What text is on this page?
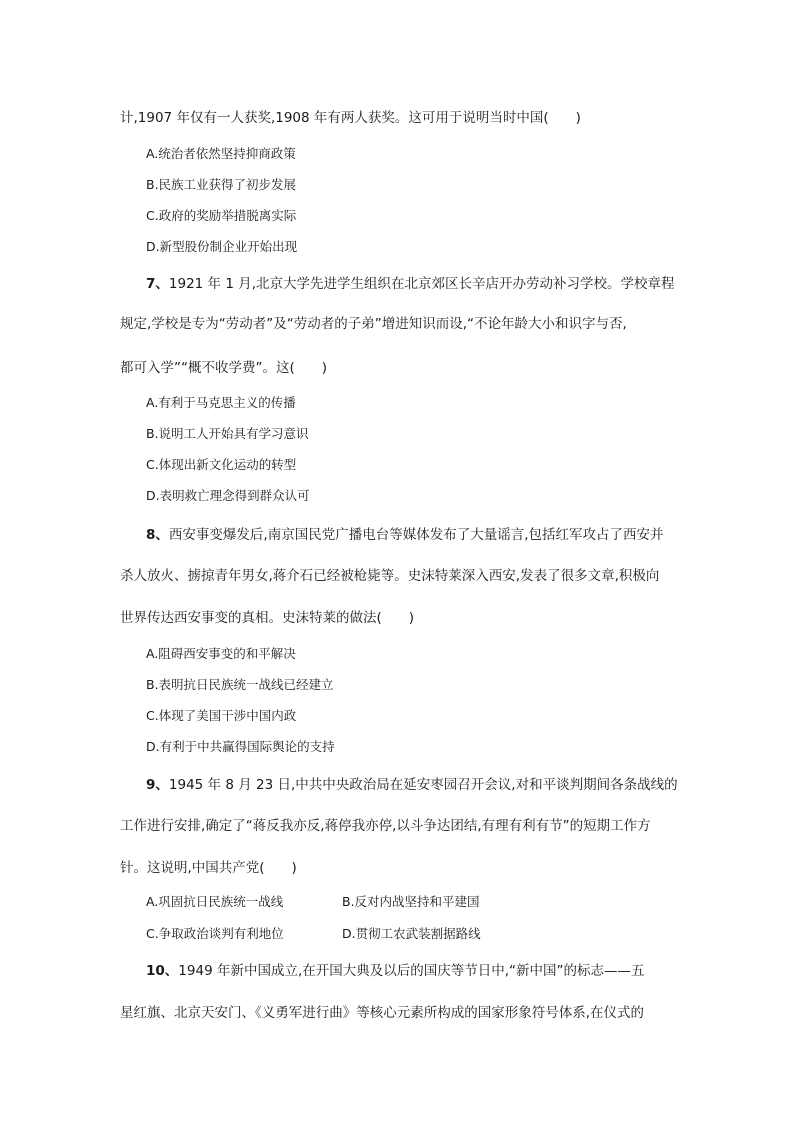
计,1907 年仅有一人获奖,1908 年有两人获奖。这可用于说明当时中国(　　)
A.统治者依然坚持抑商政策
B.民族工业获得了初步发展
C.政府的奖励举措脱离实际
D.新型股份制企业开始出现
7、1921 年 1 月,北京大学先进学生组织在北京郊区长辛店开办劳动补习学校。学校章程
规定,学校是专为“劳动者”及“劳动者的子弟”增进知识而设,“不论年龄大小和识字与否,
都可入学”“概不收学费”。这(　　)
A.有利于马克思主义的传播
B.说明工人开始具有学习意识
C.体现出新文化运动的转型
D.表明救亡理念得到群众认可
8、西安事变爆发后,南京国民党广播电台等媒体发布了大量谣言,包括红军攻占了西安并
杀人放火、掳掠青年男女,蒋介石已经被枪毙等。史沫特莱深入西安,发表了很多文章,积极向
世界传达西安事变的真相。史沫特莱的做法(　　)
A.阻碍西安事变的和平解决
B.表明抗日民族统一战线已经建立
C.体现了美国干涉中国内政
D.有利于中共赢得国际舆论的支持
9、1945 年 8 月 23 日,中共中央政治局在延安枣园召开会议,对和平谈判期间各条战线的
工作进行安排,确定了“蒋反我亦反,蒋停我亦停,以斗争达团结,有理有利有节”的短期工作方
针。这说明,中国共产党(　　)
A.巩固抗日民族统一战线	B.反对内战坚持和平建国
C.争取政治谈判有利地位	D.贯彻工农武装割据路线
10、1949 年新中国成立,在开国大典及以后的国庆等节日中,“新中国”的标志——五
星红旗、北京天安门、《义勇军进行曲》等核心元素所构成的国家形象符号体系,在仪式的
